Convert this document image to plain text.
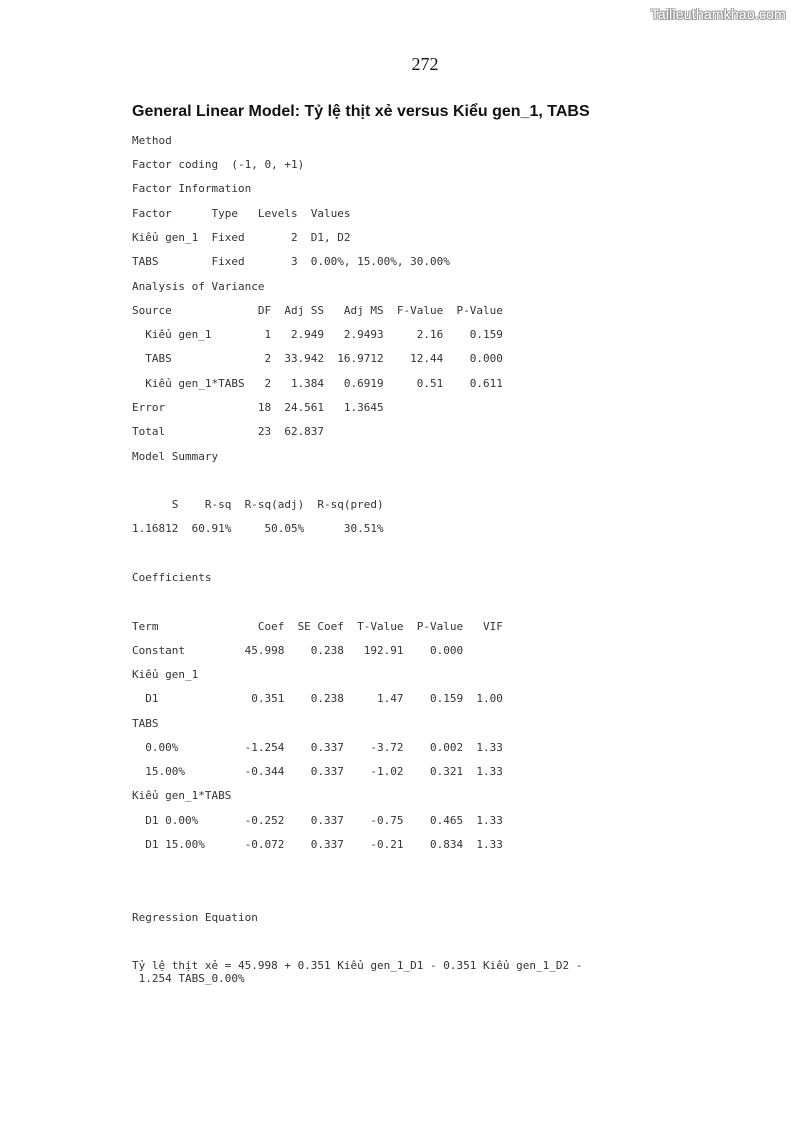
Tailieuthamkhao.com
272
General Linear Model: Tỷ lệ thịt xẻ versus Kiểu gen_1, TABS
Method
Factor coding  (-1, 0, +1)
Factor Information
Factor      Type   Levels  Values
Kiểu gen_1  Fixed       2  D1, D2
TABS        Fixed       3  0.00%, 15.00%, 30.00%
Analysis of Variance
Source             DF  Adj SS   Adj MS  F-Value  P-Value
Kiểu gen_1        1   2.949   2.9493     2.16    0.159
TABS              2  33.942  16.9712    12.44    0.000
Kiểu gen_1*TABS   2   1.384   0.6919     0.51    0.611
Error              18  24.561   1.3645
Total              23  62.837
Model Summary
S    R-sq  R-sq(adj)  R-sq(pred)
1.16812  60.91%     50.05%      30.51%
Coefficients
Term               Coef  SE Coef  T-Value  P-Value   VIF
Constant         45.998    0.238   192.91    0.000
Kiểu gen_1
D1              0.351    0.238     1.47    0.159  1.00
TABS
0.00%          -1.254    0.337    -3.72    0.002  1.33
15.00%         -0.344    0.337    -1.02    0.321  1.33
Kiểu gen_1*TABS
D1 0.00%       -0.252    0.337    -0.75    0.465  1.33
D1 15.00%      -0.072    0.337    -0.21    0.834  1.33
Regression Equation
Tỷ lệ thịt xẻ = 45.998 + 0.351 Kiểu gen_1_D1 - 0.351 Kiểu gen_1_D2 -
1.254 TABS_0.00%
